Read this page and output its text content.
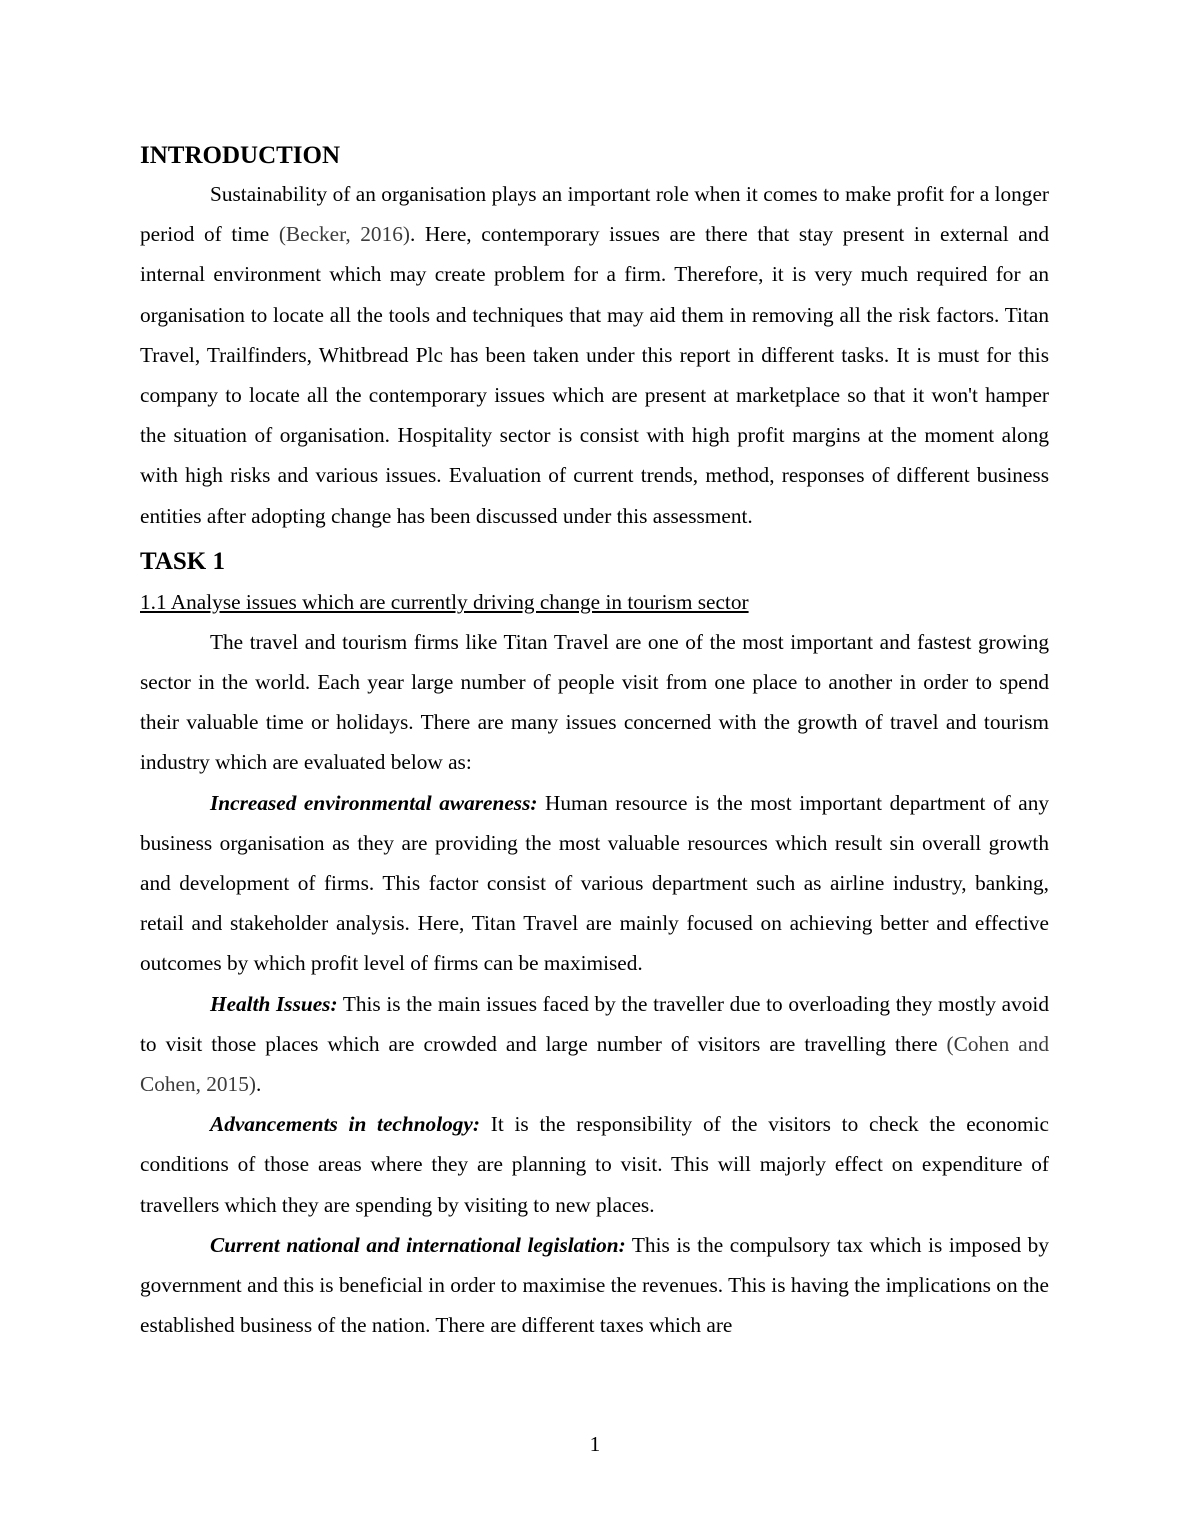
INTRODUCTION

Sustainability of an organisation plays an important role when it comes to make profit for a longer period of time (Becker, 2016). Here, contemporary issues are there that stay present in external and internal environment which may create problem for a firm. Therefore, it is very much required for an organisation to locate all the tools and techniques that may aid them in removing all the risk factors. Titan Travel, Trailfinders, Whitbread Plc has been taken under this report in different tasks. It is must for this company to locate all the contemporary issues which are present at marketplace so that it won't hamper the situation of organisation. Hospitality sector is consist with high profit margins at the moment along with high risks and various issues. Evaluation of current trends, method, responses of different business entities after adopting change has been discussed under this assessment.

TASK 1

1.1 Analyse issues which are currently driving change in tourism sector

The travel and tourism firms like Titan Travel are one of the most important and fastest growing sector in the world. Each year large number of people visit from one place to another in order to spend their valuable time or holidays. There are many issues concerned with the growth of travel and tourism industry which are evaluated below as:

Increased environmental awareness: Human resource is the most important department of any business organisation as they are providing the most valuable resources which result sin overall growth and development of firms. This factor consist of various department such as airline industry, banking, retail and stakeholder analysis. Here, Titan Travel are mainly focused on achieving better and effective outcomes by which profit level of firms can be maximised.

Health Issues: This is the main issues faced by the traveller due to overloading they mostly avoid to visit those places which are crowded and large number of visitors are travelling there (Cohen and Cohen, 2015).

Advancements in technology: It is the responsibility of the visitors to check the economic conditions of those areas where they are planning to visit. This will majorly effect on expenditure of travellers which they are spending by visiting to new places.

Current national and international legislation: This is the compulsory tax which is imposed by government and this is beneficial in order to maximise the revenues. This is having the implications on the established business of the nation. There are different taxes which are

1
